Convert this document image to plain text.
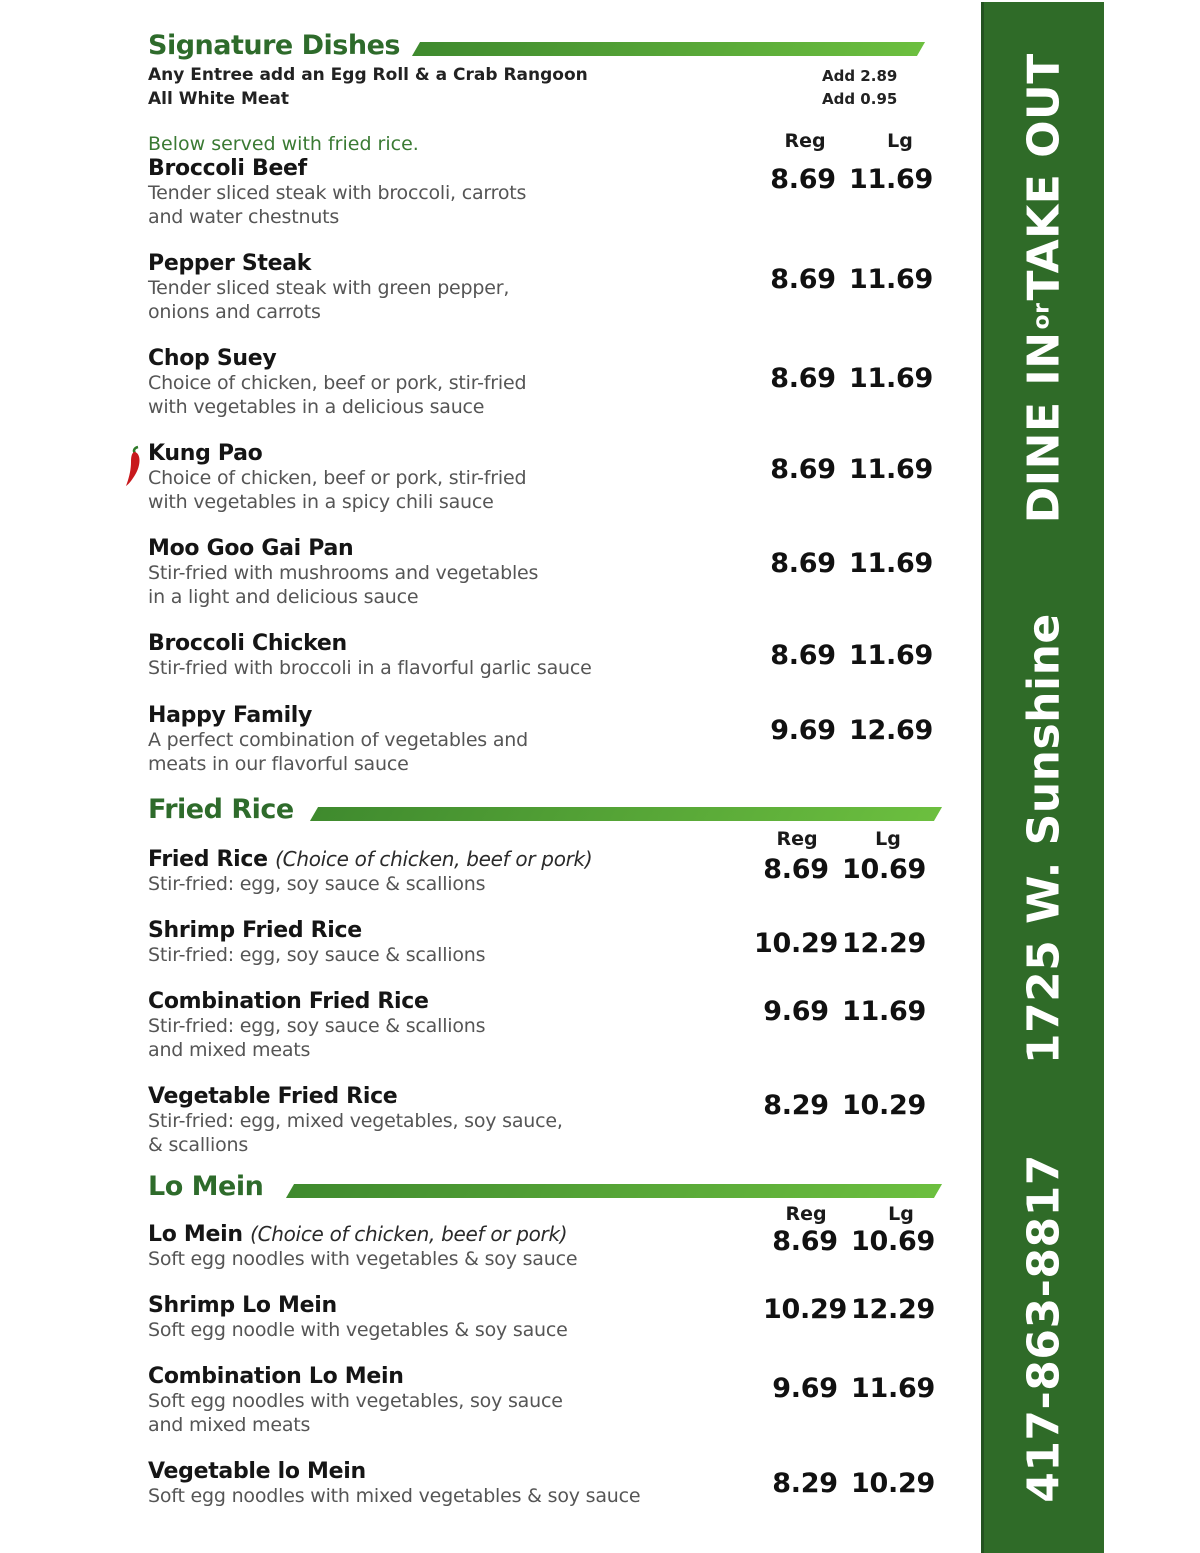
Signature Dishes
Any Entree add an Egg Roll & a Crab Rangoon	Add 2.89
All White Meat	Add 0.95
Below served with fried rice.	Reg	Lg
Broccoli Beef
Tender sliced steak with broccoli, carrots
and water chestnuts
8.69 11.69
Pepper Steak
Tender sliced steak with green pepper,
onions and carrots
8.69 11.69
Chop Suey
Choice of chicken, beef or pork, stir-fried
with vegetables in a delicious sauce
8.69 11.69
Kung Pao
Choice of chicken, beef or pork, stir-fried
with vegetables in a spicy chili sauce
8.69 11.69
Moo Goo Gai Pan
Stir-fried with mushrooms and vegetables
in a light and delicious sauce
8.69 11.69
Broccoli Chicken
Stir-fried with broccoli in a flavorful garlic sauce	8.69 11.69
Happy Family
A perfect combination of vegetables and
meats in our flavorful sauce
9.69 12.69
Fried Rice
Reg	Lg
Fried Rice (Choice of chicken, beef or pork)
Stir-fried: egg, soy sauce & scallions	8.69 10.69
Shrimp Fried Rice
Stir-fried: egg, soy sauce & scallions	10.29 12.29
Combination Fried Rice
Stir-fried: egg, soy sauce & scallions
and mixed meats
9.69 11.69
Vegetable Fried Rice
Stir-fried: egg, mixed vegetables, soy sauce,
& scallions
8.29 10.29
Lo Mein
Reg	Lg
Lo Mein (Choice of chicken, beef or pork)
Soft egg noodles with vegetables & soy sauce
8.69 10.69
Shrimp Lo Mein
Soft egg noodle with vegetables & soy sauce
10.29 12.29
Combination Lo Mein
Soft egg noodles with vegetables, soy sauce
and mixed meats
9.69 11.69
Vegetable lo Mein
Soft egg noodles with mixed vegetables & soy sauce	8.29 10.29 417-863-88171725 W. SunshineDINE INorTAKE OUT
